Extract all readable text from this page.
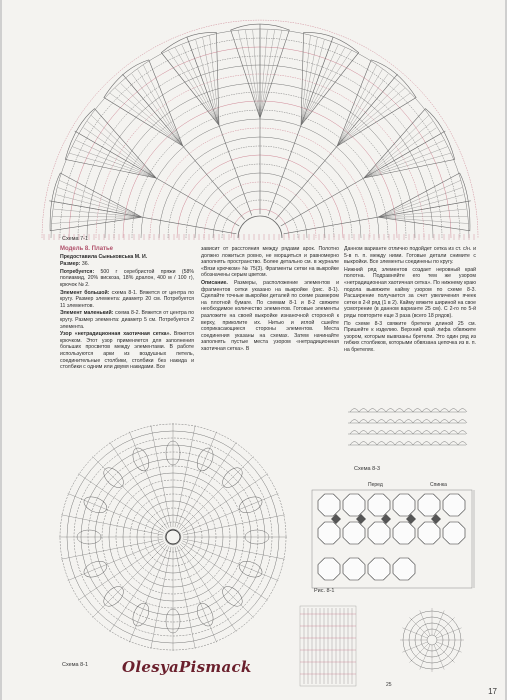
Схема 7-1

Модель 8. Платье

Предоставила Сыньковська М. И.

Размер: 36.

Потребуется: 500 г серебристой пряжи (58% полиамид, 20% вискоза, 18% дралон, 400 м / 100 г), крючок № 2.

Элемент большой: схема 8-1. Вяжется от центра по кругу. Размер элемента: диаметр 20 см. Потребуется 11 элементов.

Элемент маленький: схема 8-2. Вяжется от центра по кругу. Размер элемента: диаметр 5 см. Потребуется 2 элемента.

Узор «нетрадиционная хаотичная сетка». Вяжется крючком. Этот узор применяется для заполнения больших просветов между элементами. В работе используются арки из воздушных петель, соединительные столбики, столбики без накида и столбики с одним или двумя накидами. Все

зависит от расстояния между рядами арок. Полотно должно ложиться ровно, не морщиться и равномерно заполнять пространство. Более детально см. в журнале «Вязи крючком» № 75(3). Фрагменты сетки на выкройке обозначены серым цветом.

Описание. Размеры, расположение элементов и фрагментов сетки указано на выкройке (рис. 8-1). Сделайте точные выкройки деталей по схеме размером на плотной бумаге. По схемам 8-1 и 8-2 свяжите необходимое количество элементов. Готовые элементы разложите на своей выкройке изнаночной стороной к верху, приколите их. Нитью и иглой сшейте соприкасающиеся стороны элементов. Места соединения указаны на схемах. Затем начинайте заполнять пустые места узором «нетрадиционная хаотичная сетка». В

Данном варианте отлично подойдет сетка из ст. с/н. и 5-в п. п. между ними. Готовые детали снимите с выкройки. Все элементы соединены по кругу.

Нижний ряд элементов создает неровный край полотна. Подравняйте его тем же узором «нетрадиционная хаотичная сетка». По нижнему краю подола вывяжите кайму узором по схеме 8-3. Расширение получается за счет увеличения ячеек сетки в 2-й ряд (1 в 2). Кайму вяжите шириной на свое усмотрение (в данном варианте 25 см). С 2-го по 5-й ряды повторите еще 3 раза (всего 18 рядов).

По схеме 8-3 свяжите бретели длиной 25 см. Пришейте к изделию. Верхний край лифа обвяжите узором, которым вывязаны бретели. Это один ряд из гибких столбиков, которыми обвязана цепочка из в. п. на бретелях.

Схема 8-1
Схема 8-3
Перед	Спинка
Рис. 8-1
25
OlesyaPismack
17
